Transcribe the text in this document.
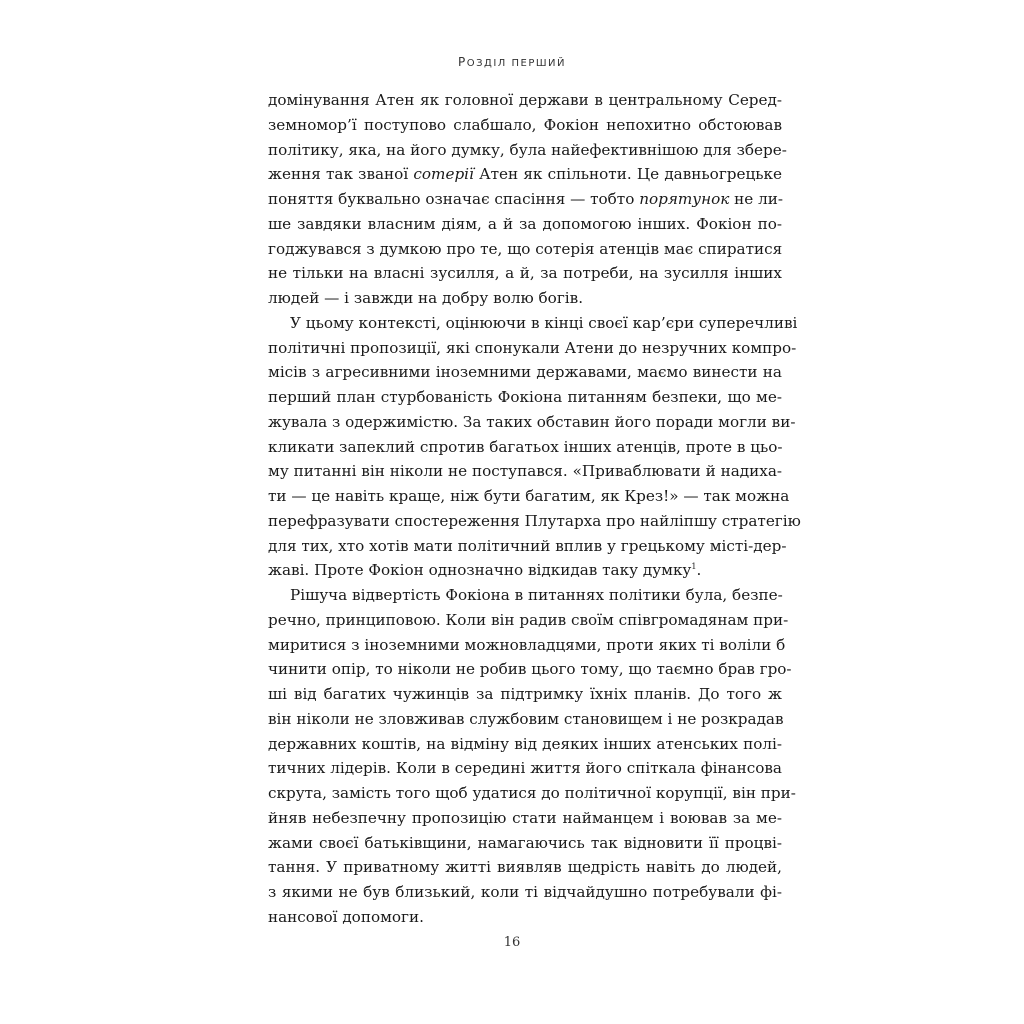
РОЗДІЛ ПЕРШИЙ
домінування Атен як головної держави в центральному Серед-
земномор’ї поступово слабшало, Фокіон непохитно обстоював
політику, яка, на його думку, була найефективнішою для збере-
ження так званої сотерії Атен як спільноти. Це давньогрецьке
поняття буквально означає спасіння — тобто порятунок не ли-
ше завдяки власним діям, а й за допомогою інших. Фокіон по-
годжувався з думкою про те, що сотерія атенців має спиратися
не тільки на власні зусилля, а й, за потреби, на зусилля інших
людей — і завжди на добру волю богів.
У цьому контексті, оцінюючи в кінці своєї кар’єри суперечливі
політичні пропозиції, які спонукали Атени до незручних компро-
місів з агресивними іноземними державами, маємо винести на
перший план стурбованість Фокіона питанням безпеки, що ме-
жувала з одержимістю. За таких обставин його поради могли ви-
кликати запеклий спротив багатьох інших атенців, проте в цьо-
му питанні він ніколи не поступався. «Приваблювати й надиха-
ти — це навіть краще, ніж бути багатим, як Крез!» — так можна
перефразувати спостереження Плутарха про найліпшу стратегію
для тих, хто хотів мати політичний вплив у грецькому місті-дер-
жаві. Проте Фокіон однозначно відкидав таку думку$^1$.
Рішуча відвертість Фокіона в питаннях політики була, безпе-
речно, принциповою. Коли він радив своїм співгромадянам при-
миритися з іноземними можновладцями, проти яких ті воліли б
чинити опір, то ніколи не робив цього тому, що таємно брав гро-
ші від багатих чужинців за підтримку їхніх планів. До того ж
він ніколи не зловживав службовим становищем і не розкрадав
державних коштів, на відміну від деяких інших атенських полі-
тичних лідерів. Коли в середині життя його спіткала фінансова
скрута, замість того щоб удатися до політичної корупції, він при-
йняв небезпечну пропозицію стати найманцем і воював за ме-
жами своєї батьківщини, намагаючись так відновити її процві-
тання. У приватному житті виявляв щедрість навіть до людей,
з якими не був близький, коли ті відчайдушно потребували фі-
нансової допомоги.
16
